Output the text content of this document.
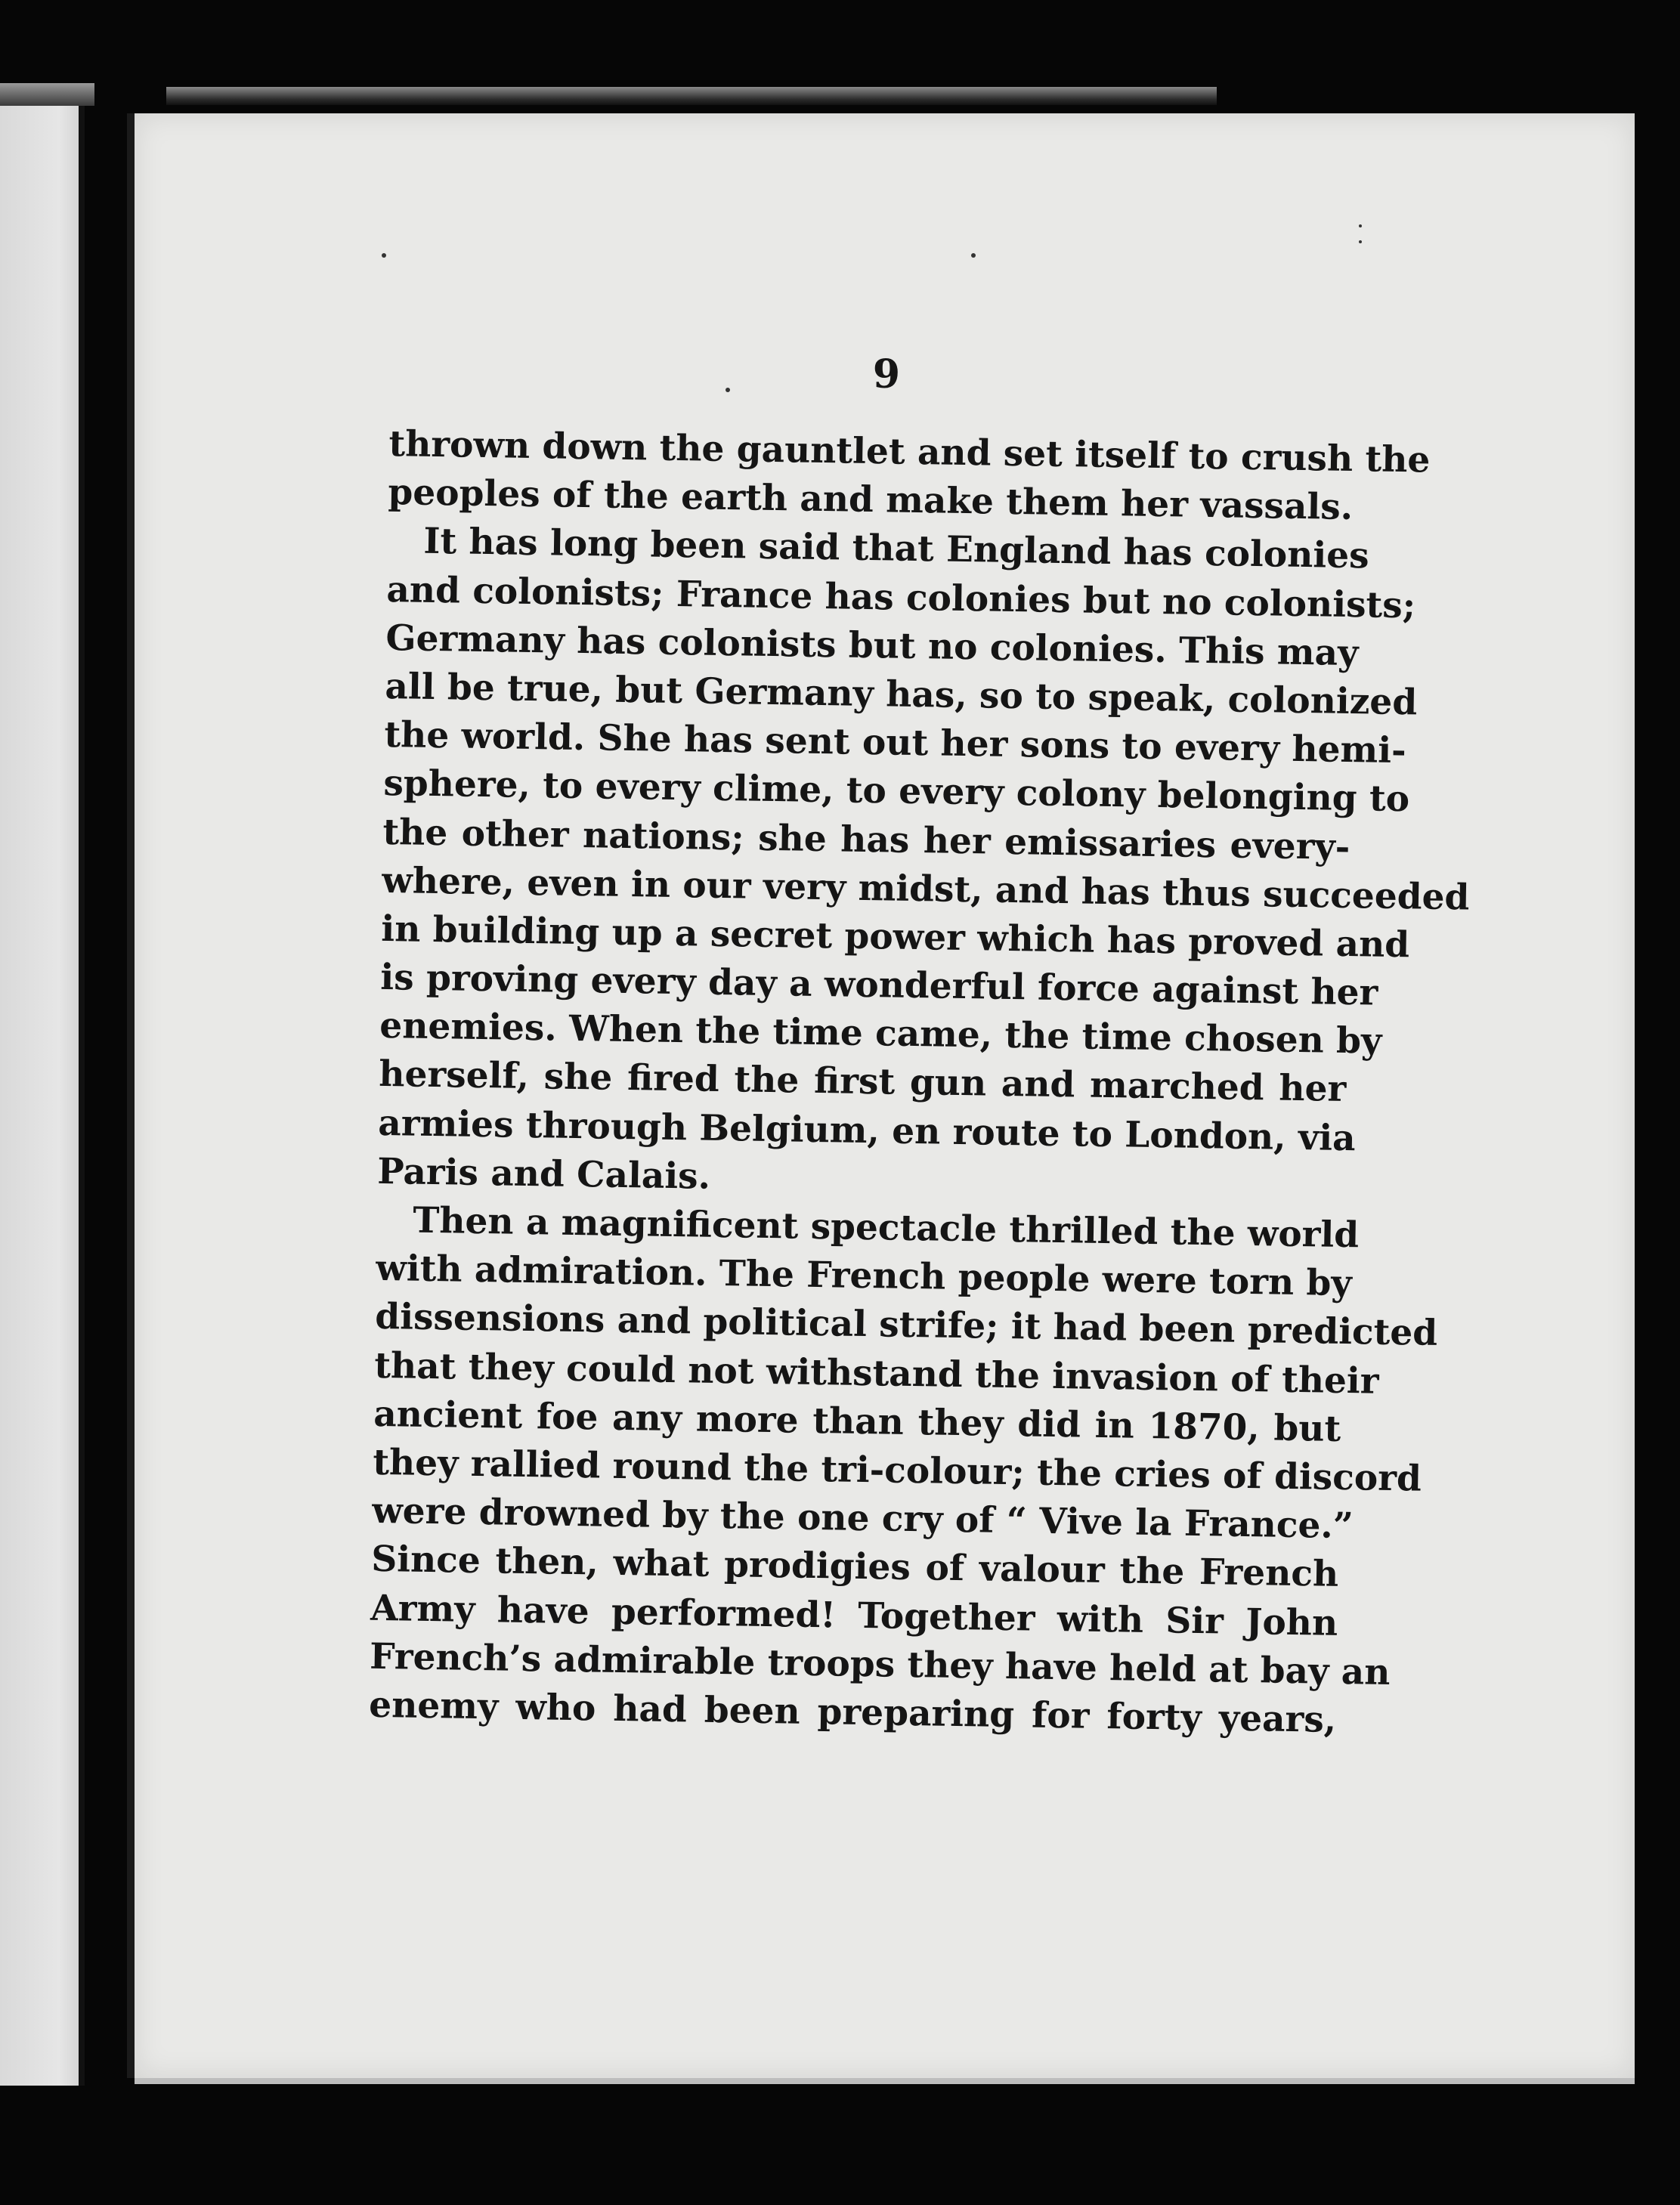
9
thrown down the gauntlet and set itself to crush the
peoples of the earth and make them her vassals.
It has long been said that England has colonies
and colonists; France has colonies but no colonists;
Germany has colonists but no colonies. This may
all be true, but Germany has, so to speak, colonized
the world. She has sent out her sons to every hemi-
sphere, to every clime, to every colony belonging to
the other nations; she has her emissaries every-
where, even in our very midst, and has thus succeeded
in building up a secret power which has proved and
is proving every day a wonderful force against her
enemies. When the time came, the time chosen by
herself, she fired the first gun and marched her
armies through Belgium, en route to London, via
Paris and Calais.
Then a magnificent spectacle thrilled the world
with admiration. The French people were torn by
dissensions and political strife; it had been predicted
that they could not withstand the invasion of their
ancient foe any more than they did in 1870, but
they rallied round the tri-colour; the cries of discord
were drowned by the one cry of “ Vive la France.”
Since then, what prodigies of valour the French
Army have performed! Together with Sir John
French’s admirable troops they have held at bay an
enemy who had been preparing for forty years,
